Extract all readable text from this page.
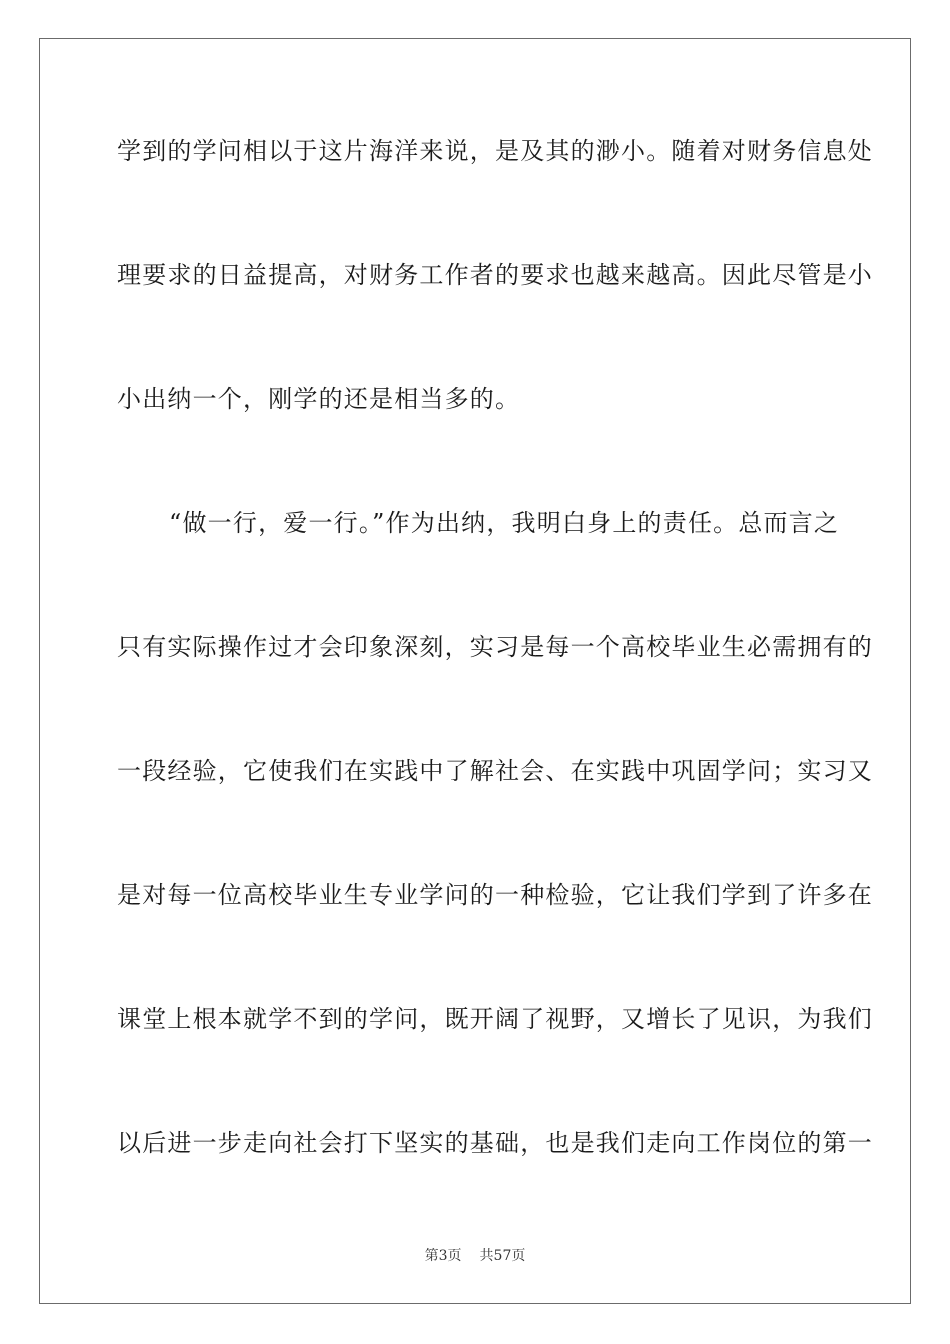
学到的学问相以于这片海洋来说，是及其的渺小。随着对财务信息处
理要求的日益提高，对财务工作者的要求也越来越高。因此尽管是小
小出纳一个，刚学的还是相当多的。
“做一行，爱一行。”作为出纳，我明白身上的责任。总而言之
只有实际操作过才会印象深刻，实习是每一个高校毕业生必需拥有的
一段经验，它使我们在实践中了解社会、在实践中巩固学问；实习又
是对每一位高校毕业生专业学问的一种检验，它让我们学到了许多在
课堂上根本就学不到的学问，既开阔了视野，又增长了见识，为我们
以后进一步走向社会打下坚实的基础，也是我们走向工作岗位的第一
第3页 共57页
